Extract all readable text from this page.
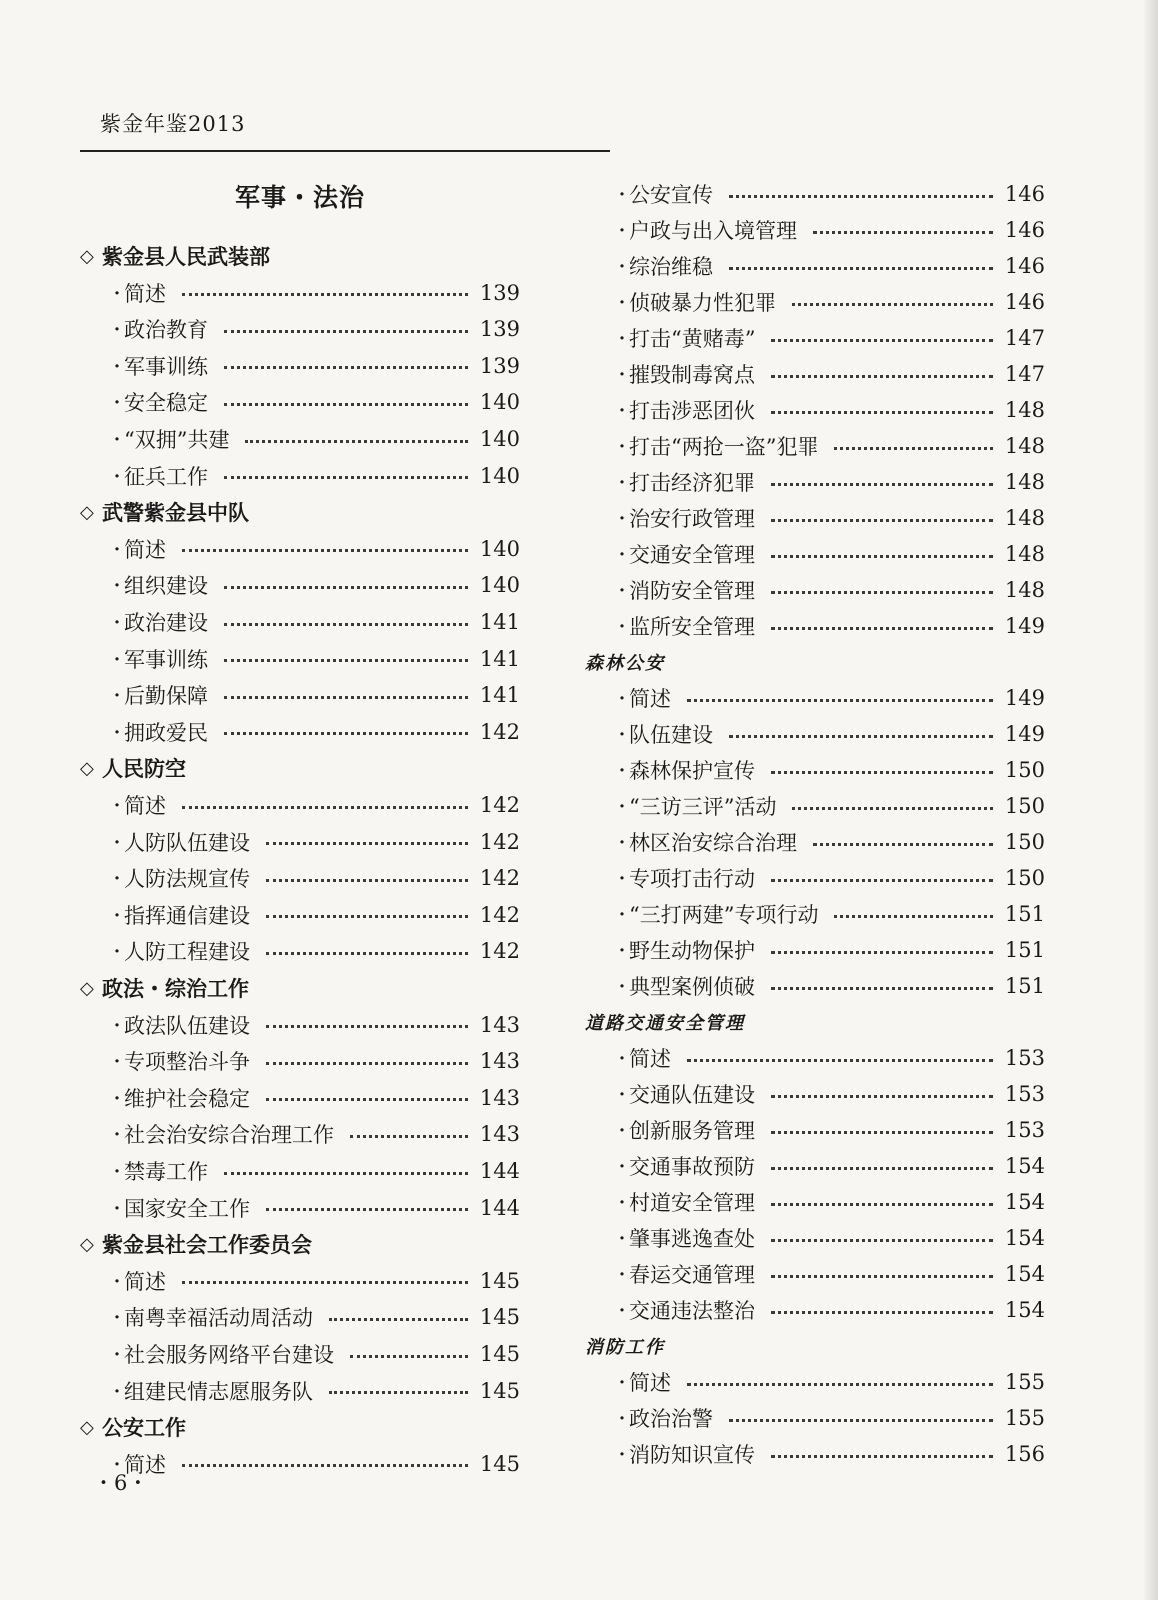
紫金年鉴2013
军事・法治
◇ 紫金县人民武装部
・
简述	139
・
政治教育	139
・
军事训练	139
・
安全稳定	140
・
“双拥”共建	140
・
征兵工作	140
◇ 武警紫金县中队
・
简述	140
・
组织建设	140
・
政治建设	141
・
军事训练	141
・
后勤保障	141
・
拥政爱民	142
◇ 人民防空
・
简述	142
・
人防队伍建设	142
・
人防法规宣传	142
・
指挥通信建设	142
・
人防工程建设	142
◇ 政法・综治工作
・
政法队伍建设	143
・
专项整治斗争	143
・
维护社会稳定	143
・
社会治安综合治理工作	143
・
禁毒工作	144
・
国家安全工作	144
◇ 紫金县社会工作委员会
・
简述	145
・
南粤幸福活动周活动	145
・
社会服务网络平台建设	145
・
组建民情志愿服务队	145
◇ 公安工作
・
简述	145
・
公安宣传	146
・
户政与出入境管理	146
・
综治维稳	146
・
侦破暴力性犯罪	146
・
打击“黄赌毒”	147
・
摧毁制毒窝点	147
・
打击涉恶团伙	148
・
打击“两抢一盗”犯罪	148
・
打击经济犯罪	148
・
治安行政管理	148
・
交通安全管理	148
・
消防安全管理	148
・
监所安全管理	149
森林公安
・
简述	149
・
队伍建设	149
・
森林保护宣传	150
・
“三访三评”活动	150
・
林区治安综合治理	150
・
专项打击行动	150
・
“三打两建”专项行动	151
・
野生动物保护	151
・
典型案例侦破	151
道路交通安全管理
・
简述	153
・
交通队伍建设	153
・
创新服务管理	153
・
交通事故预防	154
・
村道安全管理	154
・
肇事逃逸查处	154
・
春运交通管理	154
・
交通违法整治	154
消防工作
・
简述	155
・
政治治警	155
・
消防知识宣传	156
・6・
